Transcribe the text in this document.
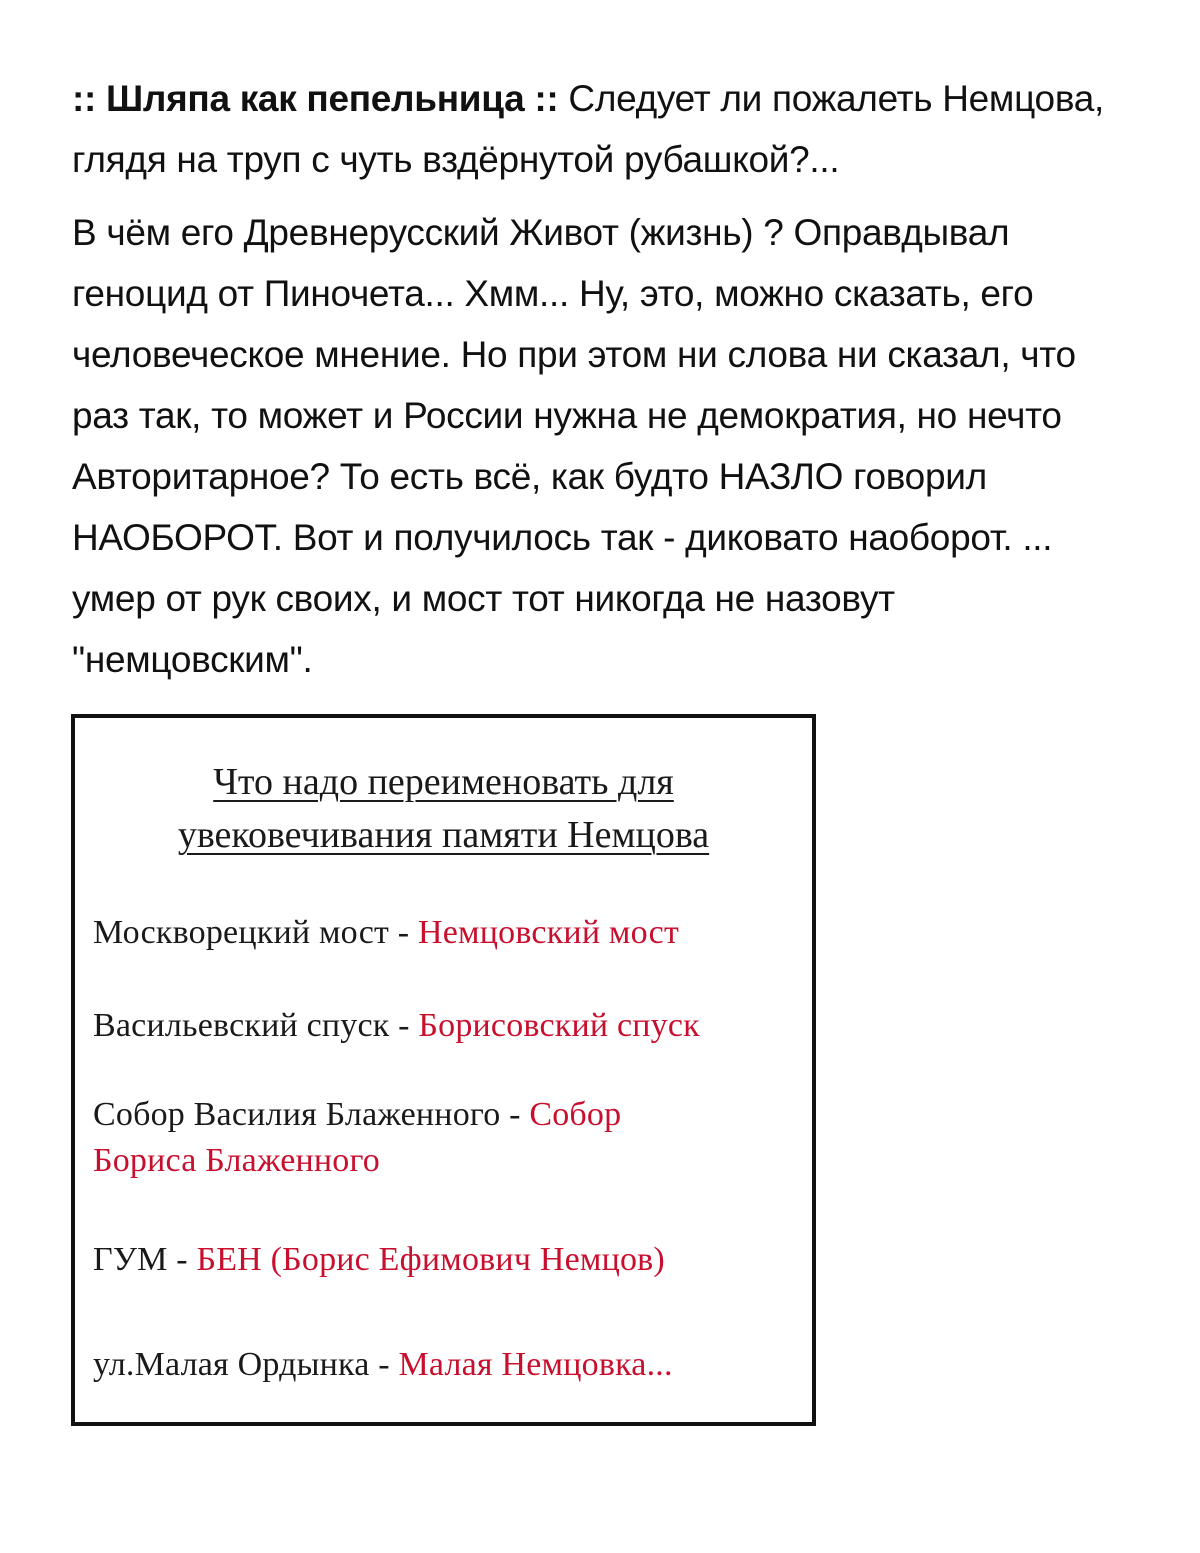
:: Шляпа как пепельница :: Следует ли пожалеть Немцова, глядя на труп с чуть вздёрнутой рубашкой?...

В чём его Древнерусский Живот (жизнь) ? Оправдывал геноцид от Пиночета... Хмм... Ну, это, можно сказать, его человеческое мнение. Но при этом ни слова ни сказал, что раз так, то может и России нужна не демократия, но нечто Авторитарное? То есть всё, как будто НАЗЛО говорил НАОБОРОТ. Вот и получилось так - диковато наоборот. ... умер от рук своих, и мост тот никогда не назовут "немцовским".

Что надо переименовать для
увековечивания памяти Немцова
Москворецкий мост - Немцовский мост
Васильевский спуск - Борисовский спуск
Собор Василия Блаженного - Собор Бориса Блаженного
ГУМ - БЕН (Борис Ефимович Немцов)
ул.Малая Ордынка - Малая Немцовка...
